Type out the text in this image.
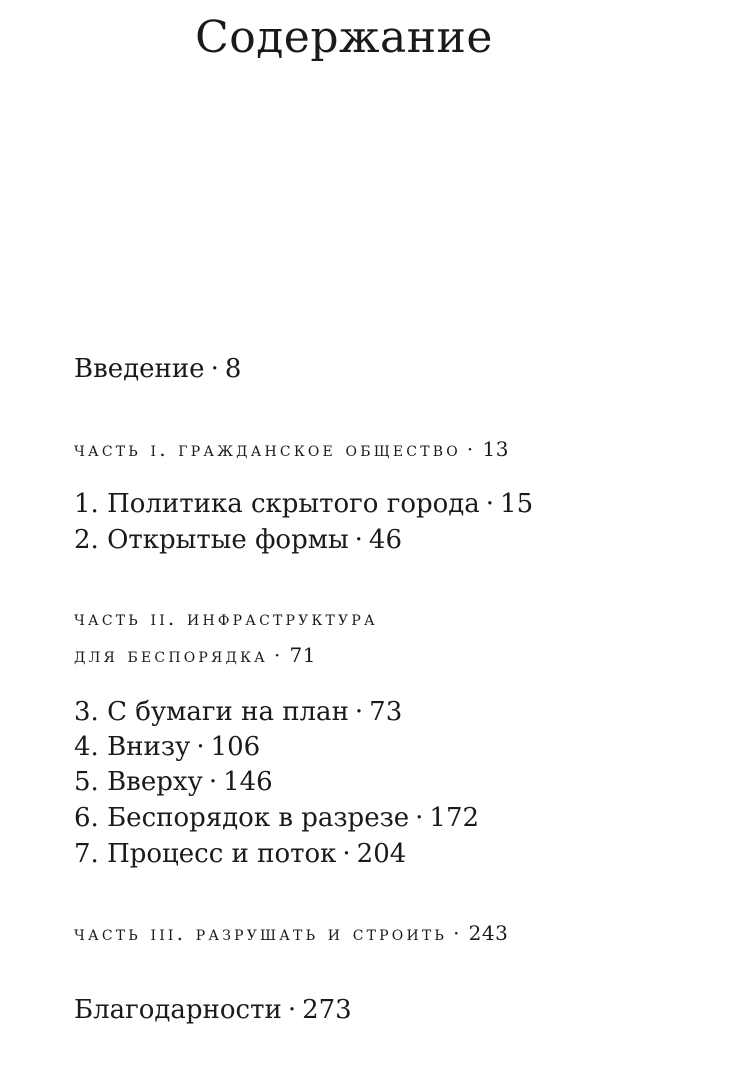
Содержание
Введение · 8
часть i. гражданское общество · 13
1. Политика скрытого города · 15
2. Открытые формы · 46
часть ii. инфраструктура
для беспорядка · 71
3. С бумаги на план · 73
4. Внизу · 106
5. Вверху · 146
6. Беспорядок в разрезе · 172
7. Процесс и поток · 204
часть iii. разрушать и строить · 243
Благодарности · 273
